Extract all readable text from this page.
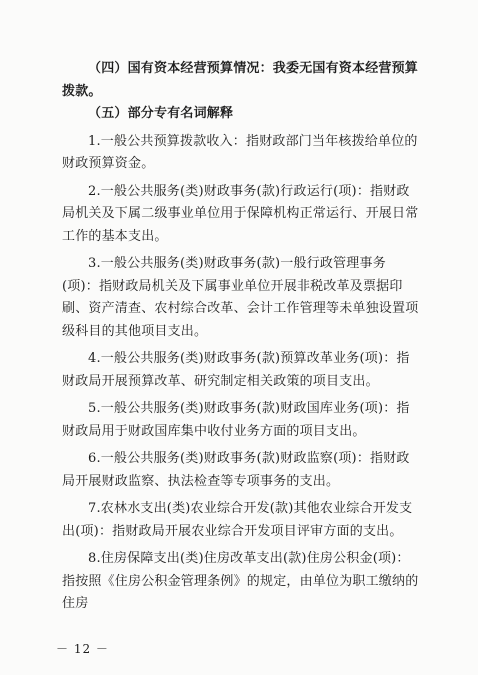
（四）国有资本经营预算情况：我委无国有资本经营预算拨款。

（五）部分专有名词解释

1.一般公共预算拨款收入：指财政部门当年核拨给单位的财政预算资金。

2.一般公共服务(类)财政事务(款)行政运行(项)：指财政局机关及下属二级事业单位用于保障机构正常运行、开展日常工作的基本支出。

3.一般公共服务(类)财政事务(款)一般行政管理事务(项)：指财政局机关及下属事业单位开展非税改革及票据印刷、资产清查、农村综合改革、会计工作管理等未单独设置项级科目的其他项目支出。

4.一般公共服务(类)财政事务(款)预算改革业务(项)：指财政局开展预算改革、研究制定相关政策的项目支出。

5.一般公共服务(类)财政事务(款)财政国库业务(项)：指财政局用于财政国库集中收付业务方面的项目支出。

6.一般公共服务(类)财政事务(款)财政监察(项)：指财政局开展财政监察、执法检查等专项事务的支出。

7.农林水支出(类)农业综合开发(款)其他农业综合开发支出(项)：指财政局开展农业综合开发项目评审方面的支出。

8.住房保障支出(类)住房改革支出(款)住房公积金(项)：指按照《住房公积金管理条例》的规定，由单位为职工缴纳的住房

－ 12 －
